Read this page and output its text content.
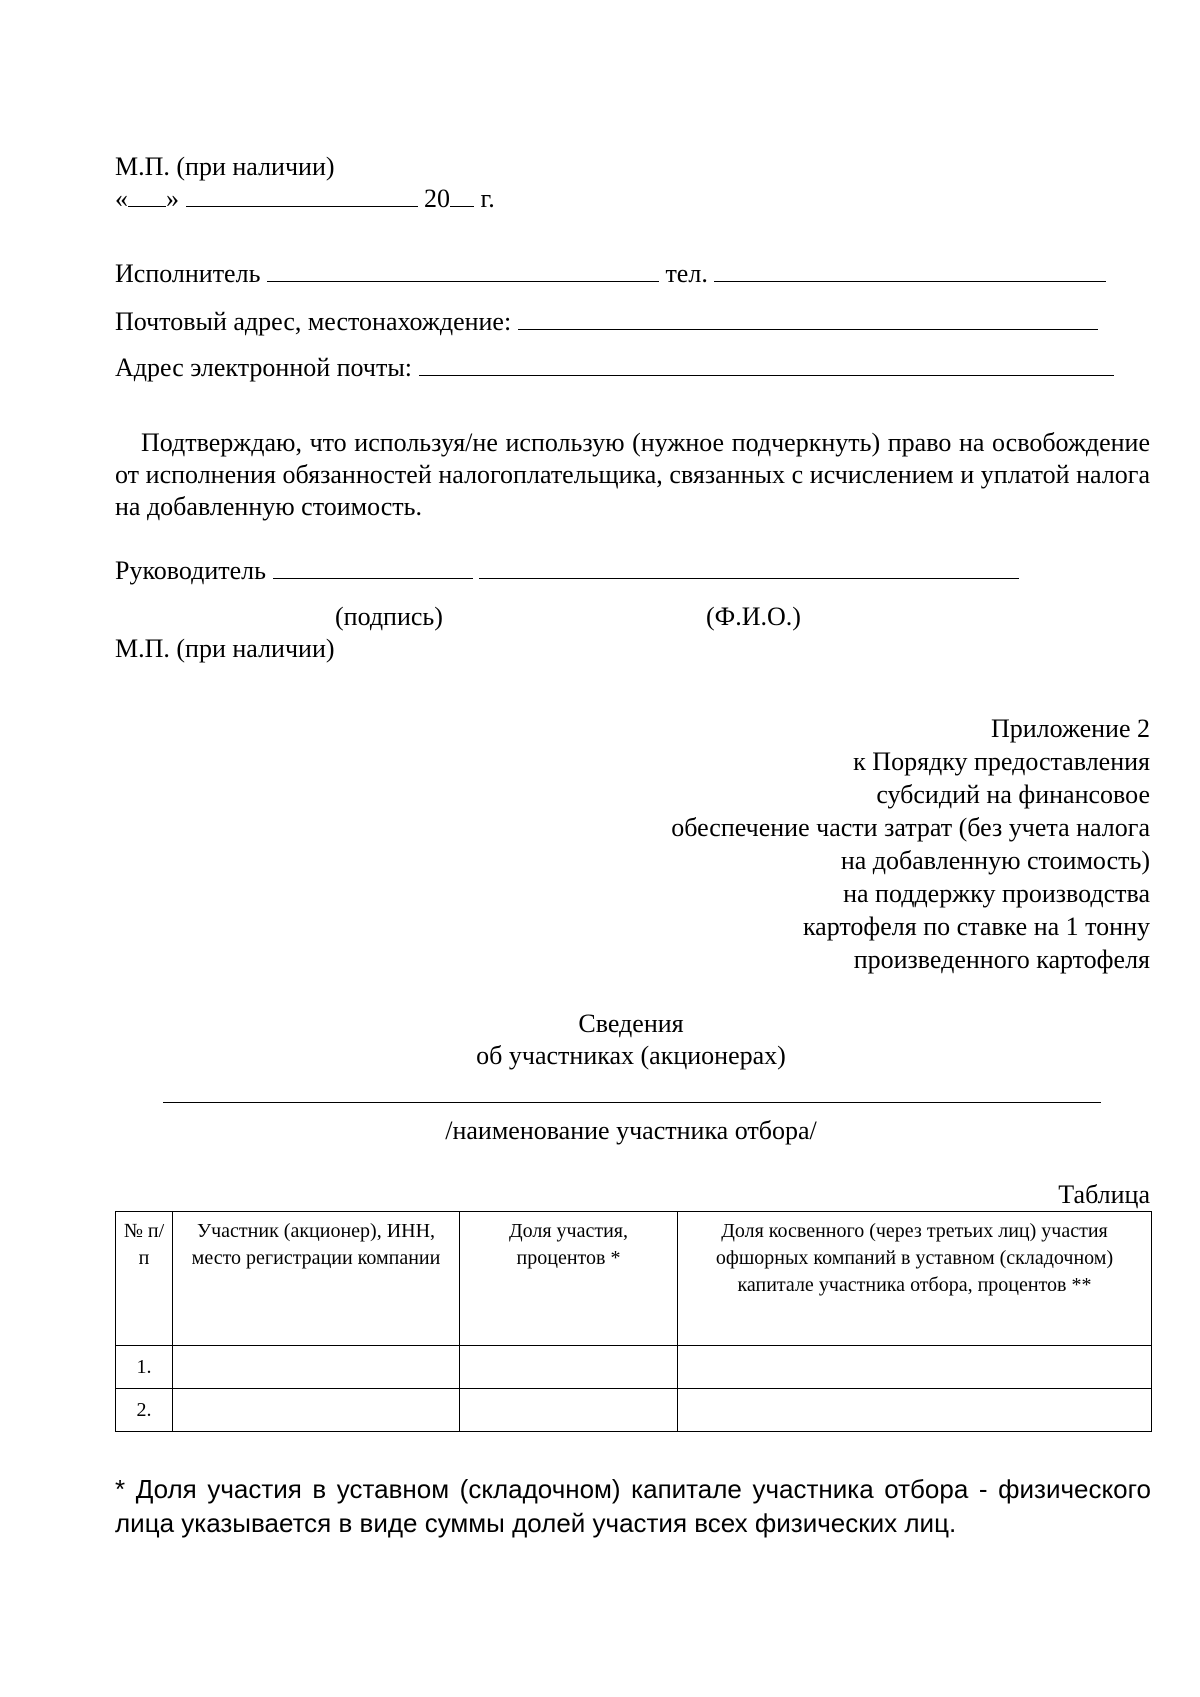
М.П. (при наличии)
« »	20 г.
Исполнитель	тел.
Почтовый адрес, местонахождение:
Адрес электронной почты:
Подтверждаю, что используя/не использую (нужное подчеркнуть) право на освобождение от исполнения обязанностей налогоплательщика, связанных с исчислением и уплатой налога на добавленную стоимость.
Руководитель
(подпись)	(Ф.И.О.)
М.П. (при наличии)
Приложение 2
к Порядку предоставления
субсидий на финансовое
обеспечение части затрат (без учета налога
на добавленную стоимость)
на поддержку производства
картофеля по ставке на 1 тонну
произведенного картофеля
Сведения
об участниках (акционерах)
/наименование участника отбора/
Таблица
№ п/п	Участник (акционер), ИНН, место регистрации компании	Доля участия, процентов *	Доля косвенного (через третьих лиц) участия офшорных компаний в уставном (складочном) капитале участника отбора, процентов **
1.			
2.			
* Доля участия в уставном (складочном) капитале участника отбора - физического лица указывается в виде суммы долей участия всех физических лиц.
